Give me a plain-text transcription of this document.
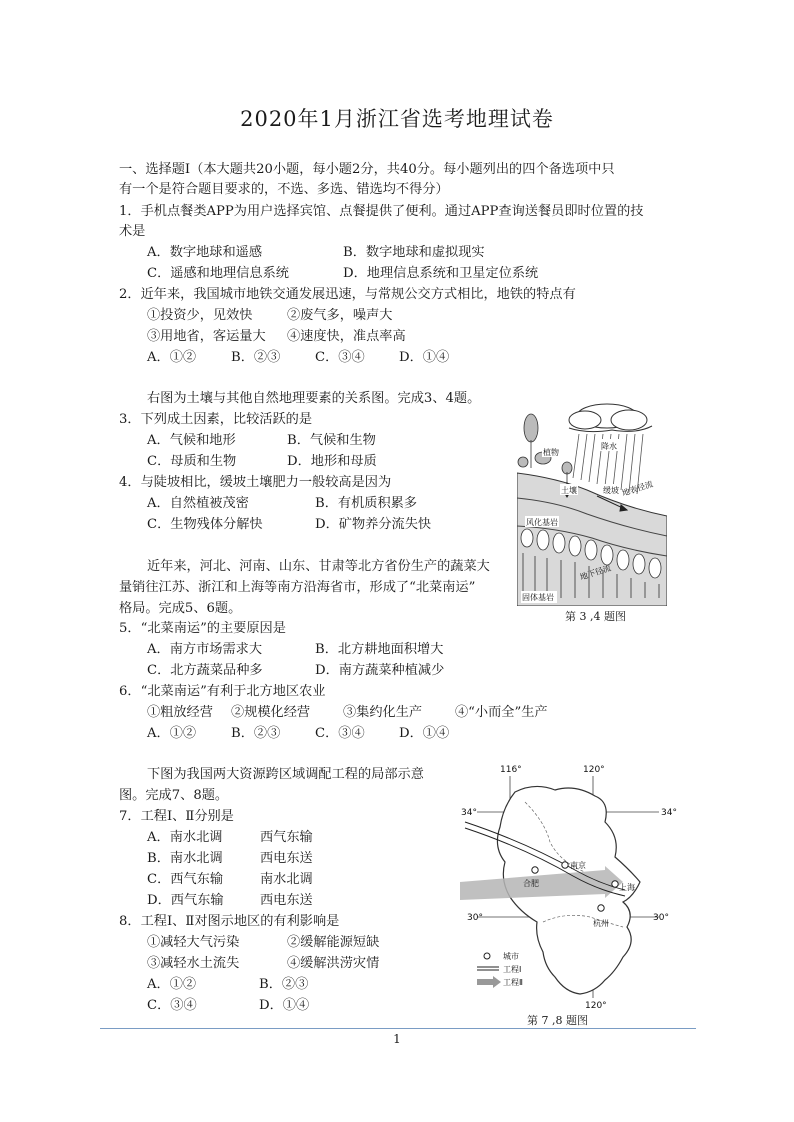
2020年1月浙江省选考地理试卷
一、选择题Ⅰ（本大题共20小题，每小题2分，共40分。每小题列出的四个备选项中只
有一个是符合题目要求的，不选、多选、错选均不得分）
1．手机点餐类APP为用户选择宾馆、点餐提供了便利。通过APP查询送餐员即时位置的技
术是
A．数字地球和遥感	B．数字地球和虚拟现实
C．遥感和地理信息系统	D．地理信息系统和卫星定位系统
2．近年来，我国城市地铁交通发展迅速，与常规公交方式相比，地铁的特点有
①投资少，见效快	②废气多，噪声大
③用地省，客运量大 ④速度快，准点率高
A．①②	B．②③	C．③④	D．①④
右图为土壤与其他自然地理要素的关系图。完成3、4题。
3．下列成土因素，比较活跃的是
A．气候和地形	B．气候和生物
C．母质和生物	D．地形和母质
4．与陡坡相比，缓坡土壤肥力一般较高是因为
A．自然植被茂密	B．有机质积累多
C．生物残体分解快	D．矿物养分流失快
降水
植物
土壤	缓坡 地表径流
风化基岩
地下径流
固体基岩
第 3 ,4 题图
近年来，河北、河南、山东、甘肃等北方省份生产的蔬菜大
量销往江苏、浙江和上海等南方沿海省市，形成了“北菜南运”
格局。完成5、6题。
5．“北菜南运”的主要原因是
A．南方市场需求大	B．北方耕地面积增大
C．北方蔬菜品种多	D．南方蔬菜种植减少
6．“北菜南运”有利于北方地区农业
①粗放经营 ②规模化经营 ③集约化生产 ④“小而全”生产
A．①②	B．②③	C．③④	D．①④
下图为我国两大资源跨区域调配工程的局部示意
图。完成7、8题。
7．工程Ⅰ、Ⅱ分别是
A．南水北调	西气东输
B．南水北调	西电东送
C．西气东输	南水北调
D．西气东输	西电东送
8．工程Ⅰ、Ⅱ对图示地区的有利影响是
①减轻大气污染	②缓解能源短缺
③减轻水土流失	④缓解洪涝灾情
A．①②	B．②③
C．③④	D．①④
116°	120°
34°	34°
30°	30°
南京
合肥	上海
杭州
城市
工程Ⅰ
工程Ⅱ
120°
第 7 ,8 题图
1
